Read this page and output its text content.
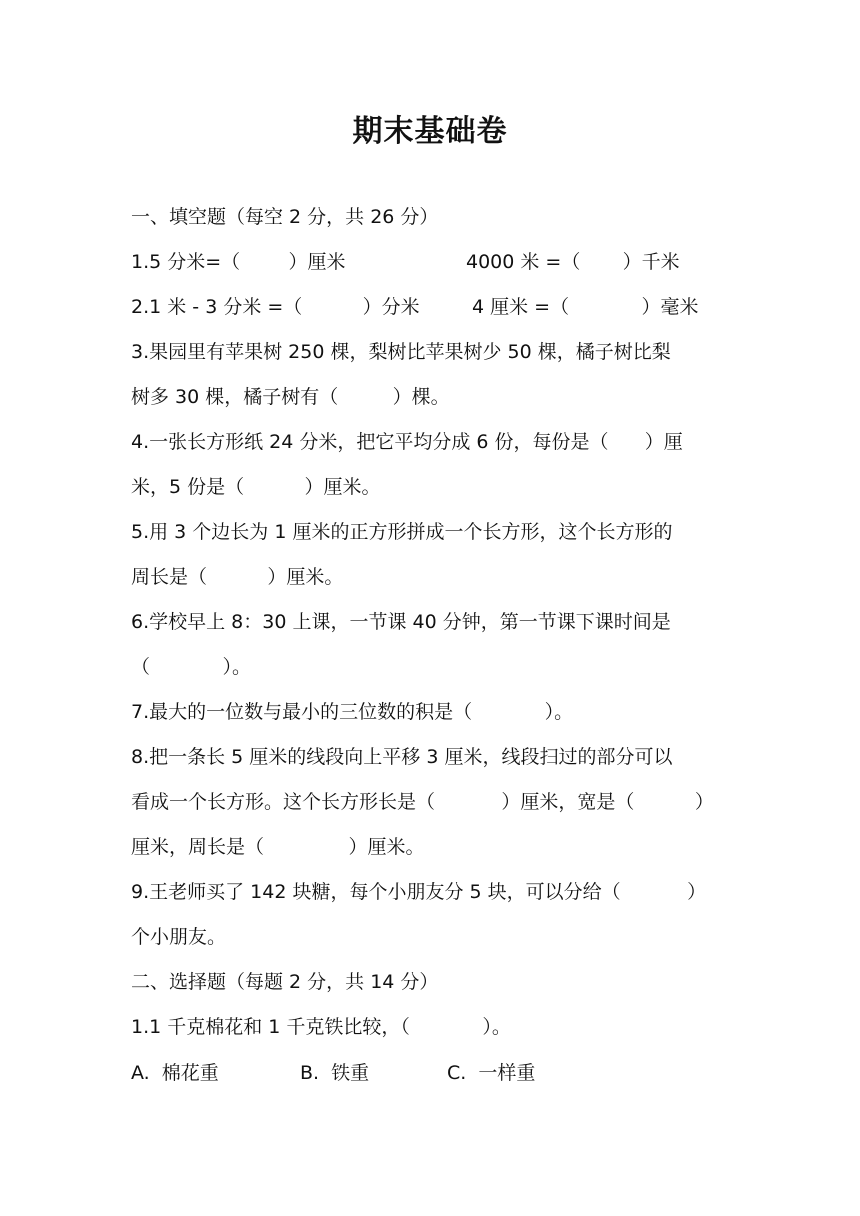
期末基础卷
一、填空题（每空 2 分，共 26 分）
1.5 分米=（        ）厘米	4000 米 =（       ）千米
2.1 米 - 3 分米 =（          ）分米	4 厘米 =（            ）毫米
3.果园里有苹果树 250 棵，梨树比苹果树少 50 棵，橘子树比梨
树多 30 棵，橘子树有（         ）棵。
4.一张长方形纸 24 分米，把它平均分成 6 份，每份是（      ）厘
米，5 份是（          ）厘米。
5.用 3 个边长为 1 厘米的正方形拼成一个长方形，这个长方形的
周长是（          ）厘米。
6.学校早上 8：30 上课，一节课 40 分钟，第一节课下课时间是
（            ）。
7.最大的一位数与最小的三位数的积是（            ）。
8.把一条长 5 厘米的线段向上平移 3 厘米，线段扫过的部分可以
看成一个长方形。这个长方形长是（           ）厘米，宽是（          ）
厘米，周长是（              ）厘米。
9.王老师买了 142 块糖，每个小朋友分 5 块，可以分给（           ）
个小朋友。
二、选择题（每题 2 分，共 14 分）
1.1 千克棉花和 1 千克铁比较，（            ）。
A.  棉花重	B.  铁重	C.  一样重
